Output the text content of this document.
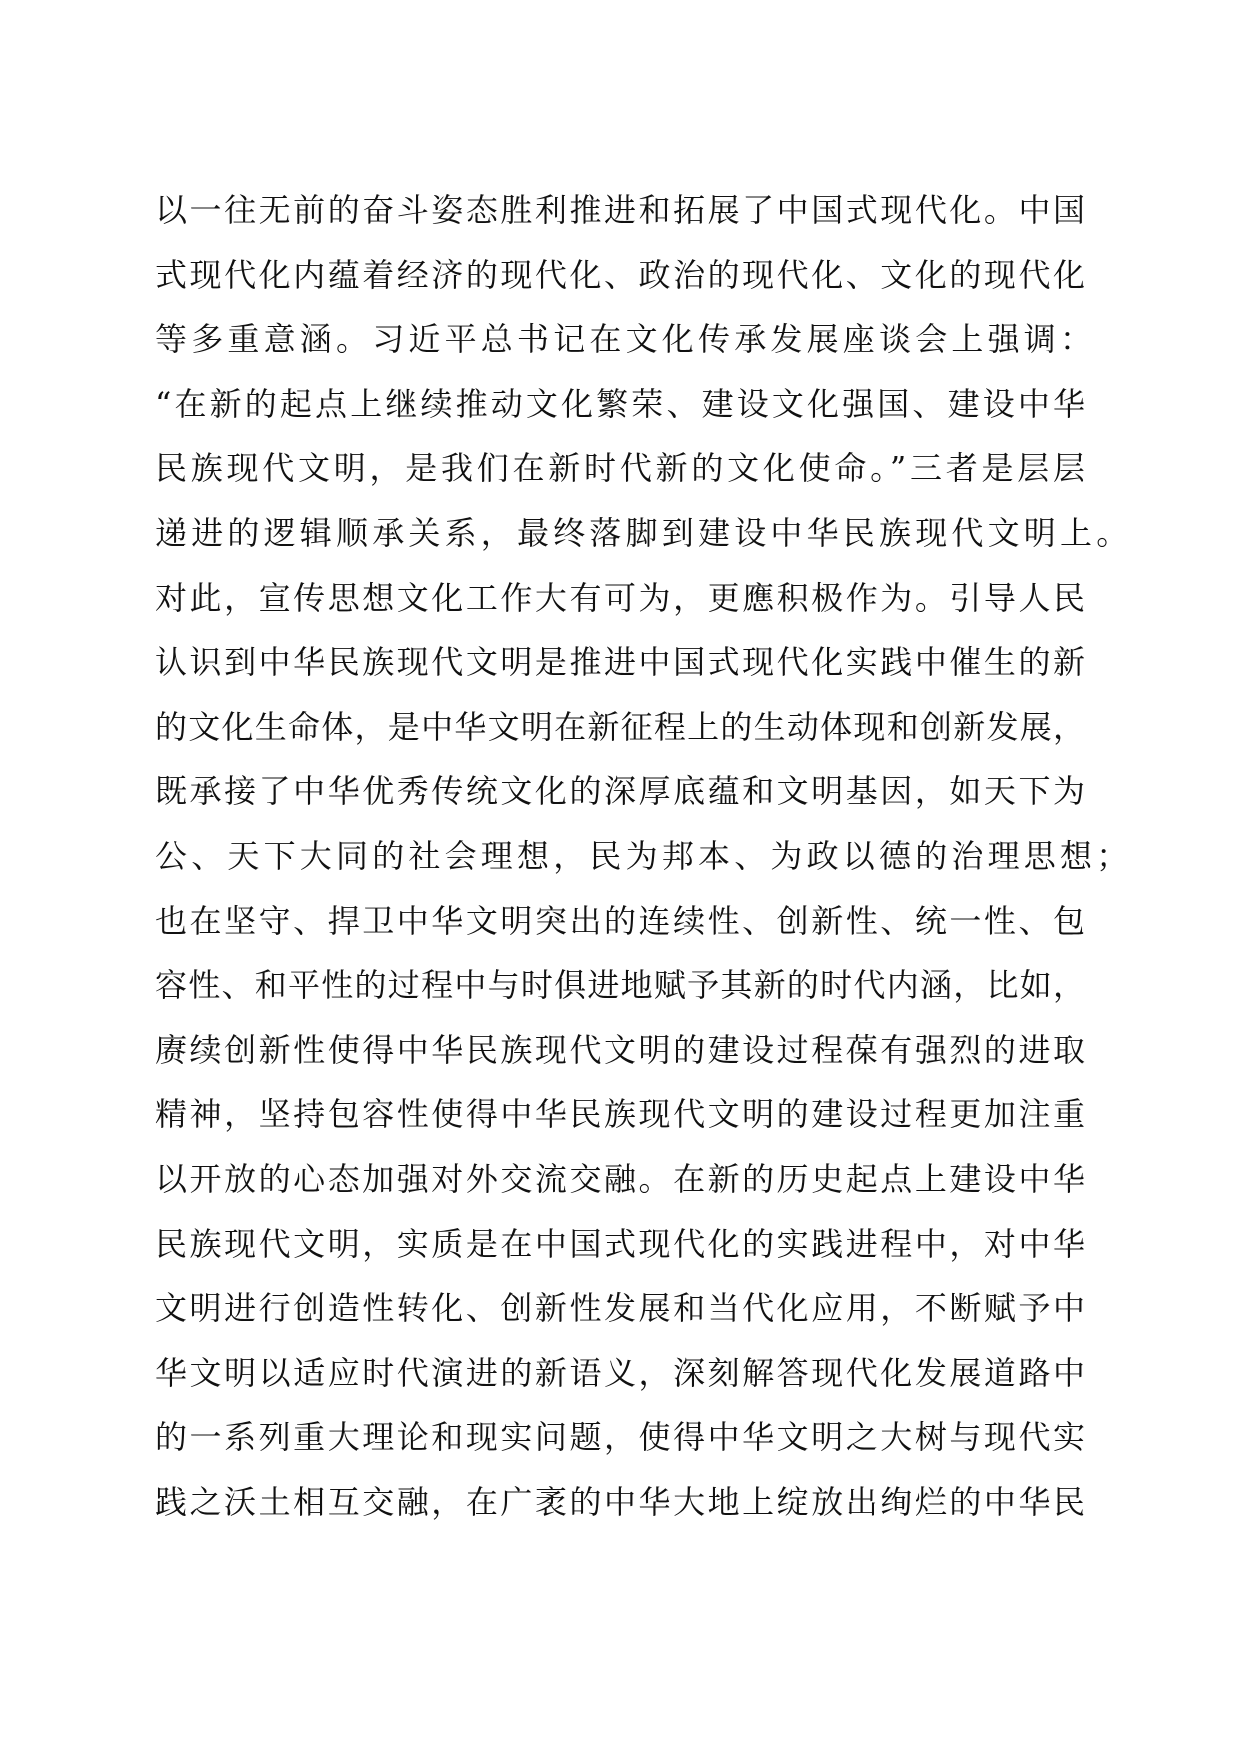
以一往无前的奋斗姿态胜利推进和拓展了中国式现代化。中国
式现代化内蕴着经济的现代化、政治的现代化、文化的现代化
等多重意涵。习近平总书记在文化传承发展座谈会上强调：
“在新的起点上继续推动文化繁荣、建设文化强国、建设中华
民族现代文明，是我们在新时代新的文化使命。”三者是层层
递进的逻辑顺承关系，最终落脚到建设中华民族现代文明上。
对此，宣传思想文化工作大有可为，更應积极作为。引导人民
认识到中华民族现代文明是推进中国式现代化实践中催生的新
的文化生命体，是中华文明在新征程上的生动体现和创新发展，
既承接了中华优秀传统文化的深厚底蕴和文明基因，如天下为
公、天下大同的社会理想，民为邦本、为政以德的治理思想；
也在坚守、捍卫中华文明突出的连续性、创新性、统一性、包
容性、和平性的过程中与时俱进地赋予其新的时代内涵，比如，
赓续创新性使得中华民族现代文明的建设过程葆有强烈的进取
精神，坚持包容性使得中华民族现代文明的建设过程更加注重
以开放的心态加强对外交流交融。在新的历史起点上建设中华
民族现代文明，实质是在中国式现代化的实践进程中，对中华
文明进行创造性转化、创新性发展和当代化应用，不断赋予中
华文明以适应时代演进的新语义，深刻解答现代化发展道路中
的一系列重大理论和现实问题，使得中华文明之大树与现代实
践之沃土相互交融，在广袤的中华大地上绽放出绚烂的中华民
